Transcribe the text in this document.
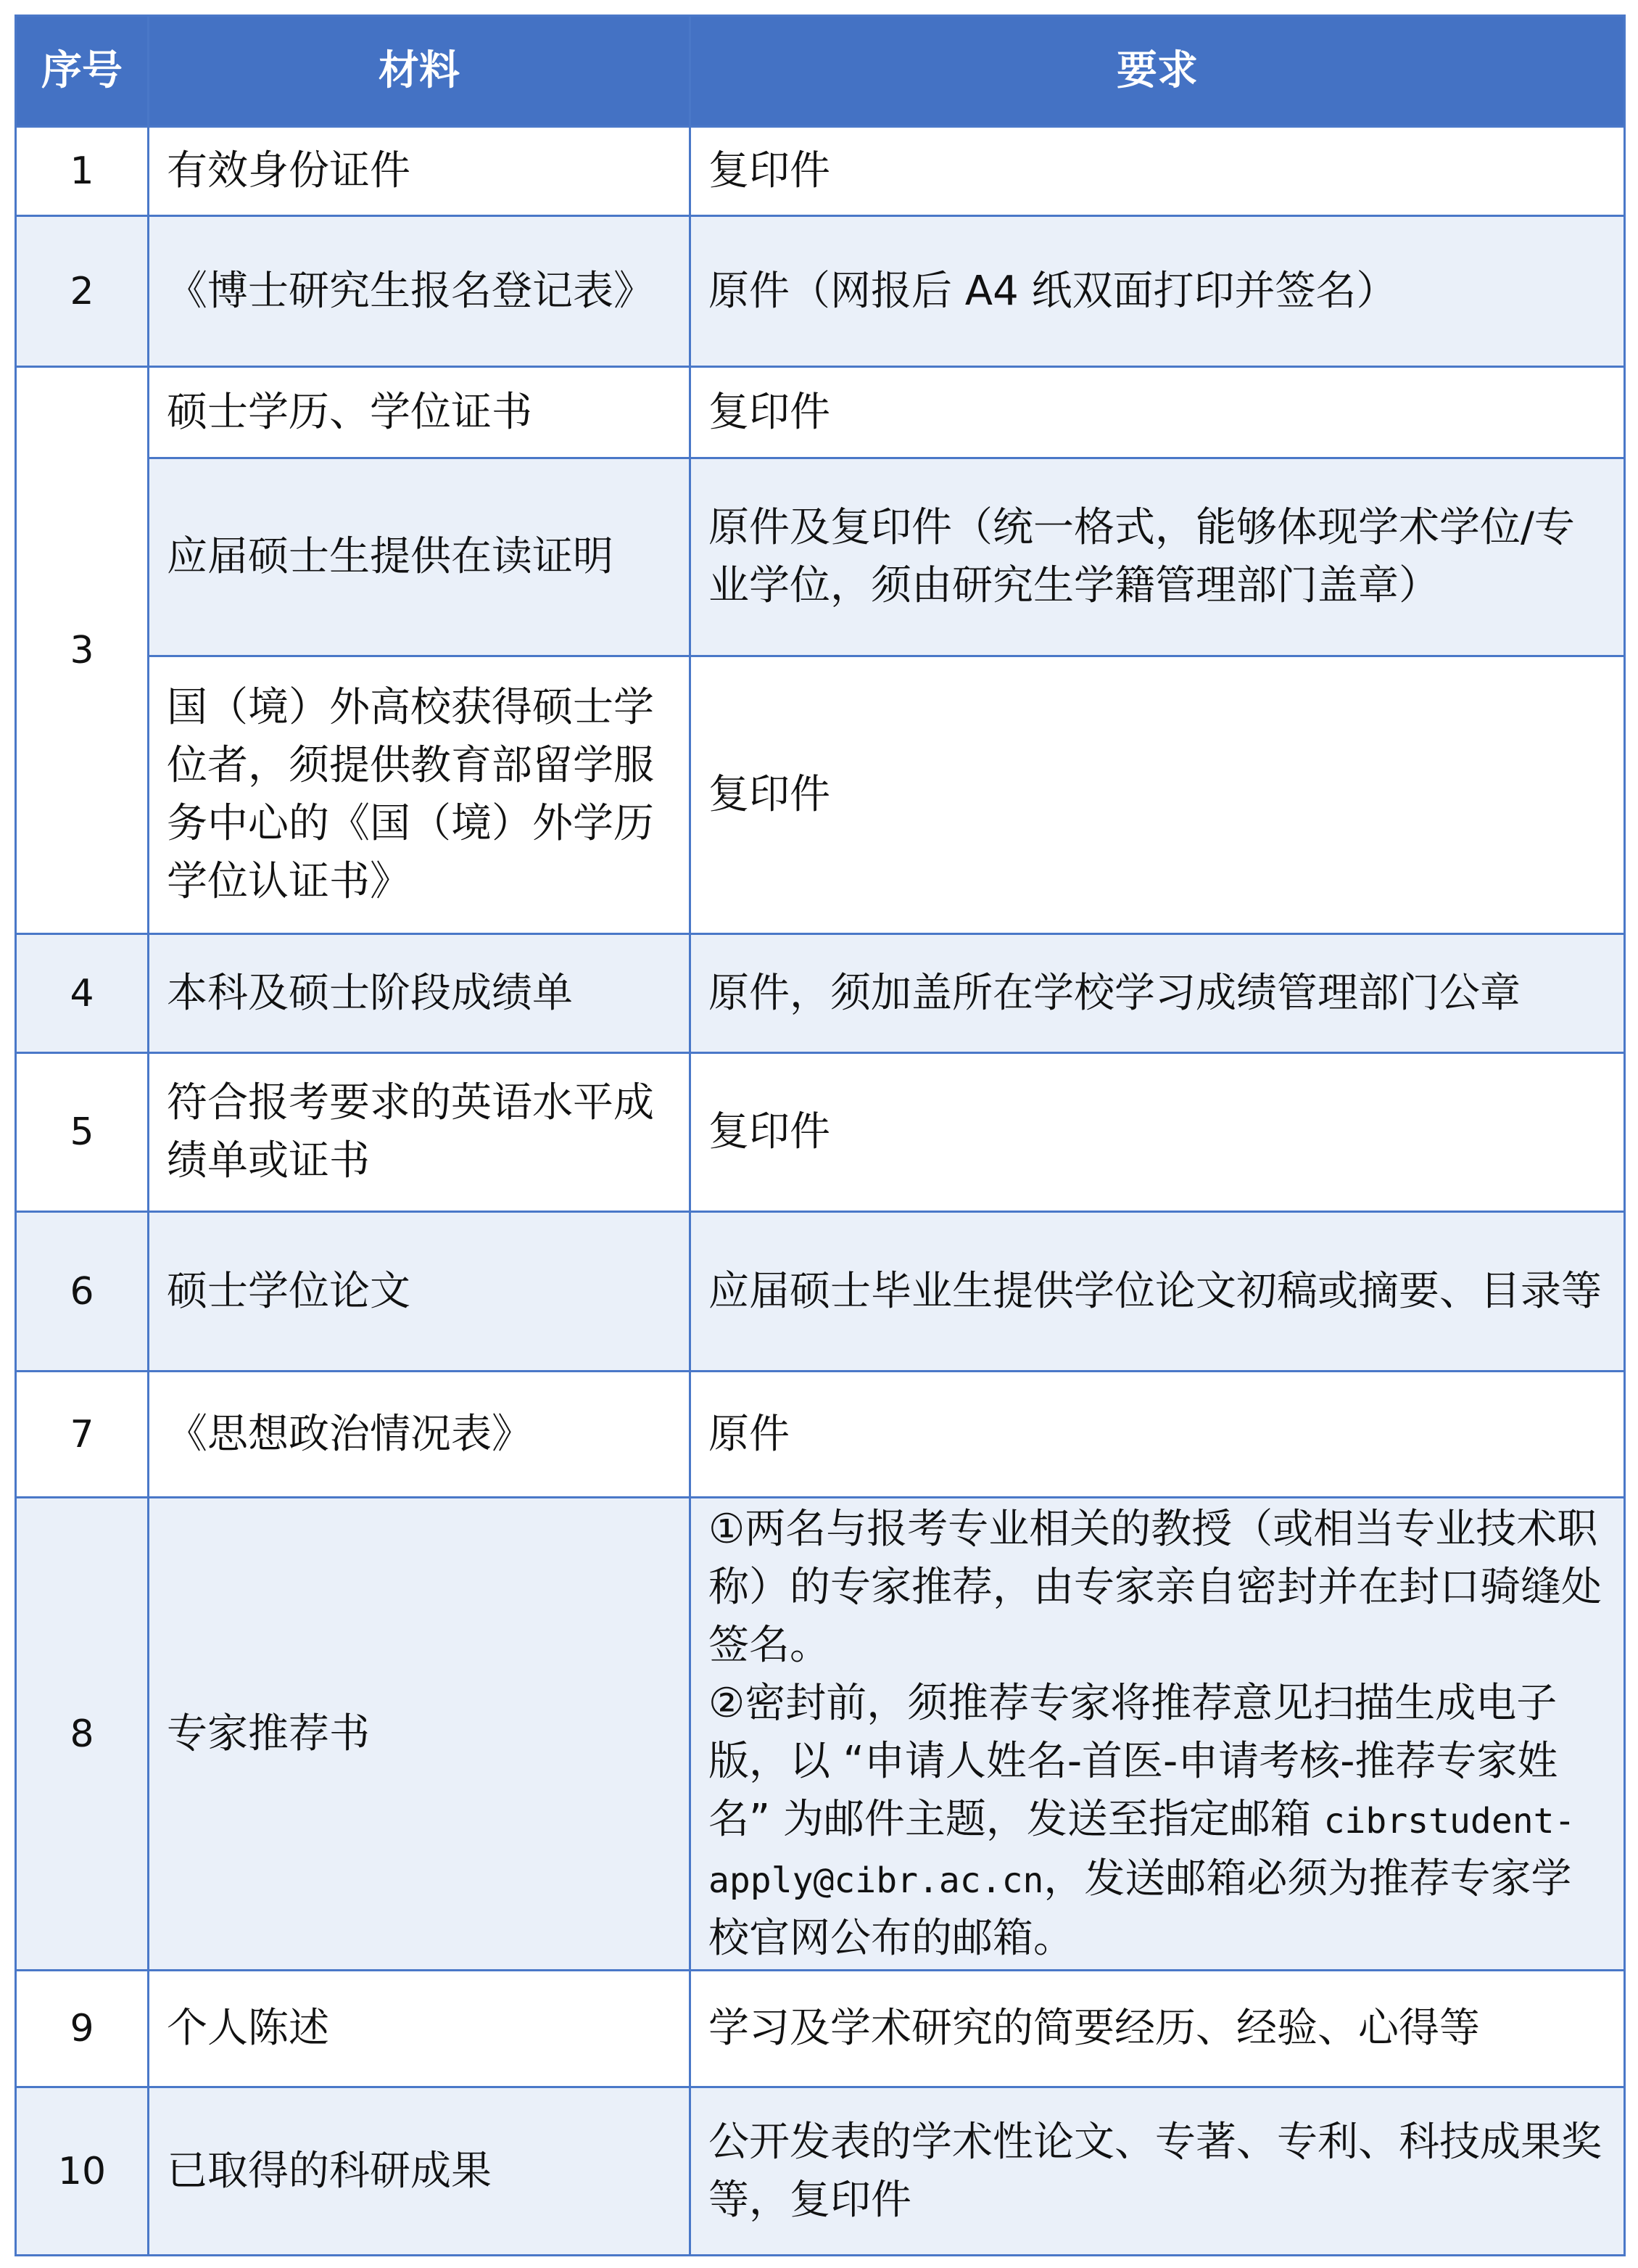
序号	材料	要求
1	有效身份证件	复印件
2	《博士研究生报名登记表》	原件（网报后 A4 纸双面打印并签名）
3	硕士学历、学位证书	复印件
	应届硕士生提供在读证明	原件及复印件（统一格式，能够体现学术学位/专业学位，须由研究生学籍管理部门盖章）
	国（境）外高校获得硕士学位者，须提供教育部留学服务中心的《国（境）外学历学位认证书》	复印件
4	本科及硕士阶段成绩单	原件，须加盖所在学校学习成绩管理部门公章
5	符合报考要求的英语水平成绩单或证书	复印件
6	硕士学位论文	应届硕士毕业生提供学位论文初稿或摘要、目录等
7	《思想政治情况表》	原件
8	专家推荐书	①两名与报考专业相关的教授（或相当专业技术职称）的专家推荐，由专家亲自密封并在封口骑缝处签名。
②密封前，须推荐专家将推荐意见扫描生成电子版，以 “申请人姓名-首医-申请考核-推荐专家姓名” 为邮件主题，发送至指定邮箱 cibrstudent-apply@cibr.ac.cn，发送邮箱必须为推荐专家学校官网公布的邮箱。

9	个人陈述	学习及学术研究的简要经历、经验、心得等
10	已取得的科研成果	公开发表的学术性论文、专著、专利、科技成果奖等，复印件
